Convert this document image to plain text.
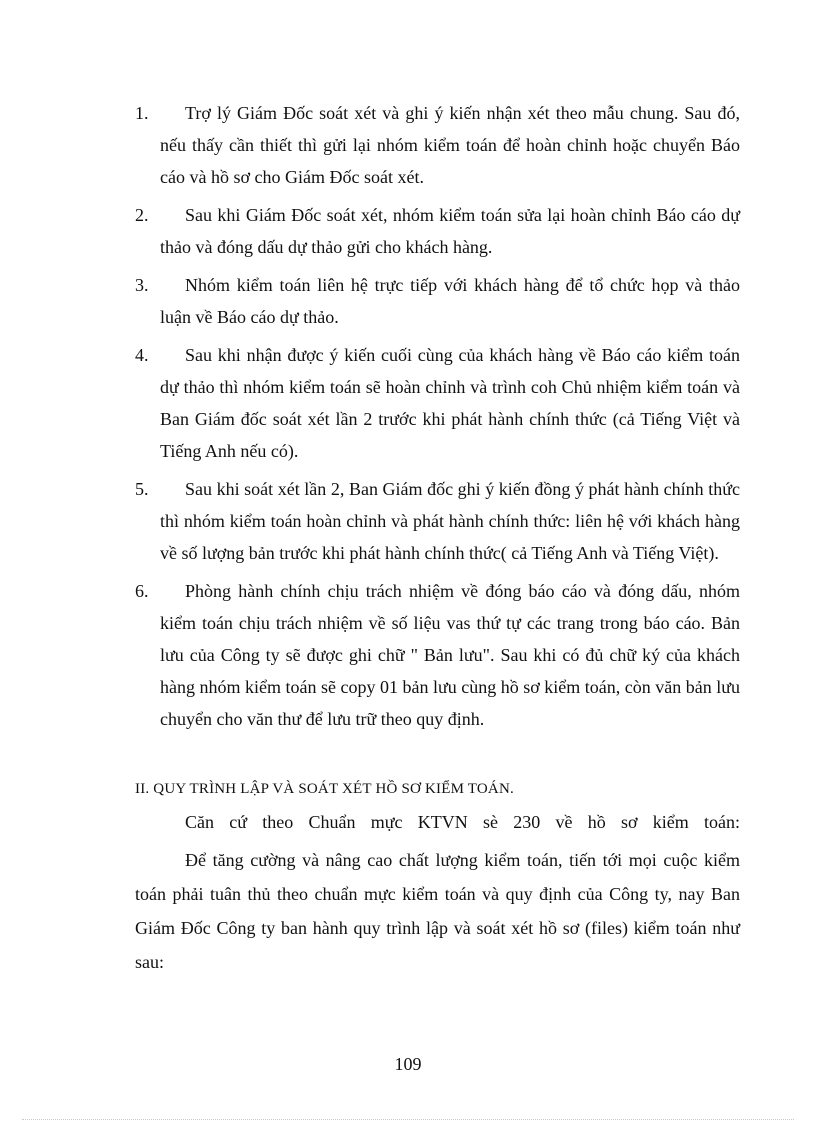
1.	Trợ lý Giám Đốc soát xét và ghi ý kiến nhận xét theo mẫu chung. Sau đó, nếu thấy cần thiết thì gửi lại nhóm kiểm toán để hoàn chỉnh hoặc chuyển Báo cáo và hồ sơ cho Giám Đốc soát xét.

2.	Sau khi Giám Đốc soát xét, nhóm kiểm toán sửa lại hoàn chỉnh Báo cáo dự thảo và đóng dấu dự thảo gửi cho khách hàng.

3.	Nhóm kiểm toán liên hệ trực tiếp với khách hàng để tổ chức họp và thảo luận về Báo cáo dự thảo.

4.	Sau khi nhận được ý kiến cuối cùng của khách hàng về Báo cáo kiểm toán dự thảo thì nhóm kiểm toán sẽ hoàn chỉnh và trình coh Chủ nhiệm kiểm toán và Ban Giám đốc soát xét lần 2 trước khi phát hành chính thức (cả Tiếng Việt và Tiếng Anh nếu có).

5.	Sau khi soát xét lần 2, Ban Giám đốc ghi ý kiến đồng ý phát hành chính thức thì nhóm kiểm toán hoàn chỉnh và phát hành chính thức: liên hệ với khách hàng về số lượng bản trước khi phát hành chính thức( cả Tiếng Anh và Tiếng Việt).

6.	Phòng hành chính chịu trách nhiệm về đóng báo cáo và đóng dấu, nhóm kiểm toán chịu trách nhiệm về số liệu vas thứ tự các trang trong báo cáo. Bản lưu của Công ty sẽ được ghi chữ " Bản lưu". Sau khi có đủ chữ ký của khách hàng nhóm kiểm toán sẽ copy 01 bản lưu cùng hồ sơ kiểm toán, còn văn bản lưu chuyển cho văn thư để lưu trữ theo quy định.

II. QUY TRÌNH LẬP VÀ SOÁT XÉT HỒ SƠ KIỂM TOÁN.

Căn cứ theo Chuẩn mực KTVN sè 230 về hồ sơ kiểm toán:

Để tăng cường và nâng cao chất lượng kiểm toán, tiến tới mọi cuộc kiểm toán phải tuân thủ theo chuẩn mực kiểm toán và quy định của Công ty, nay Ban Giám Đốc Công ty ban hành quy trình lập và soát xét hồ sơ (files) kiểm toán như sau:

109
